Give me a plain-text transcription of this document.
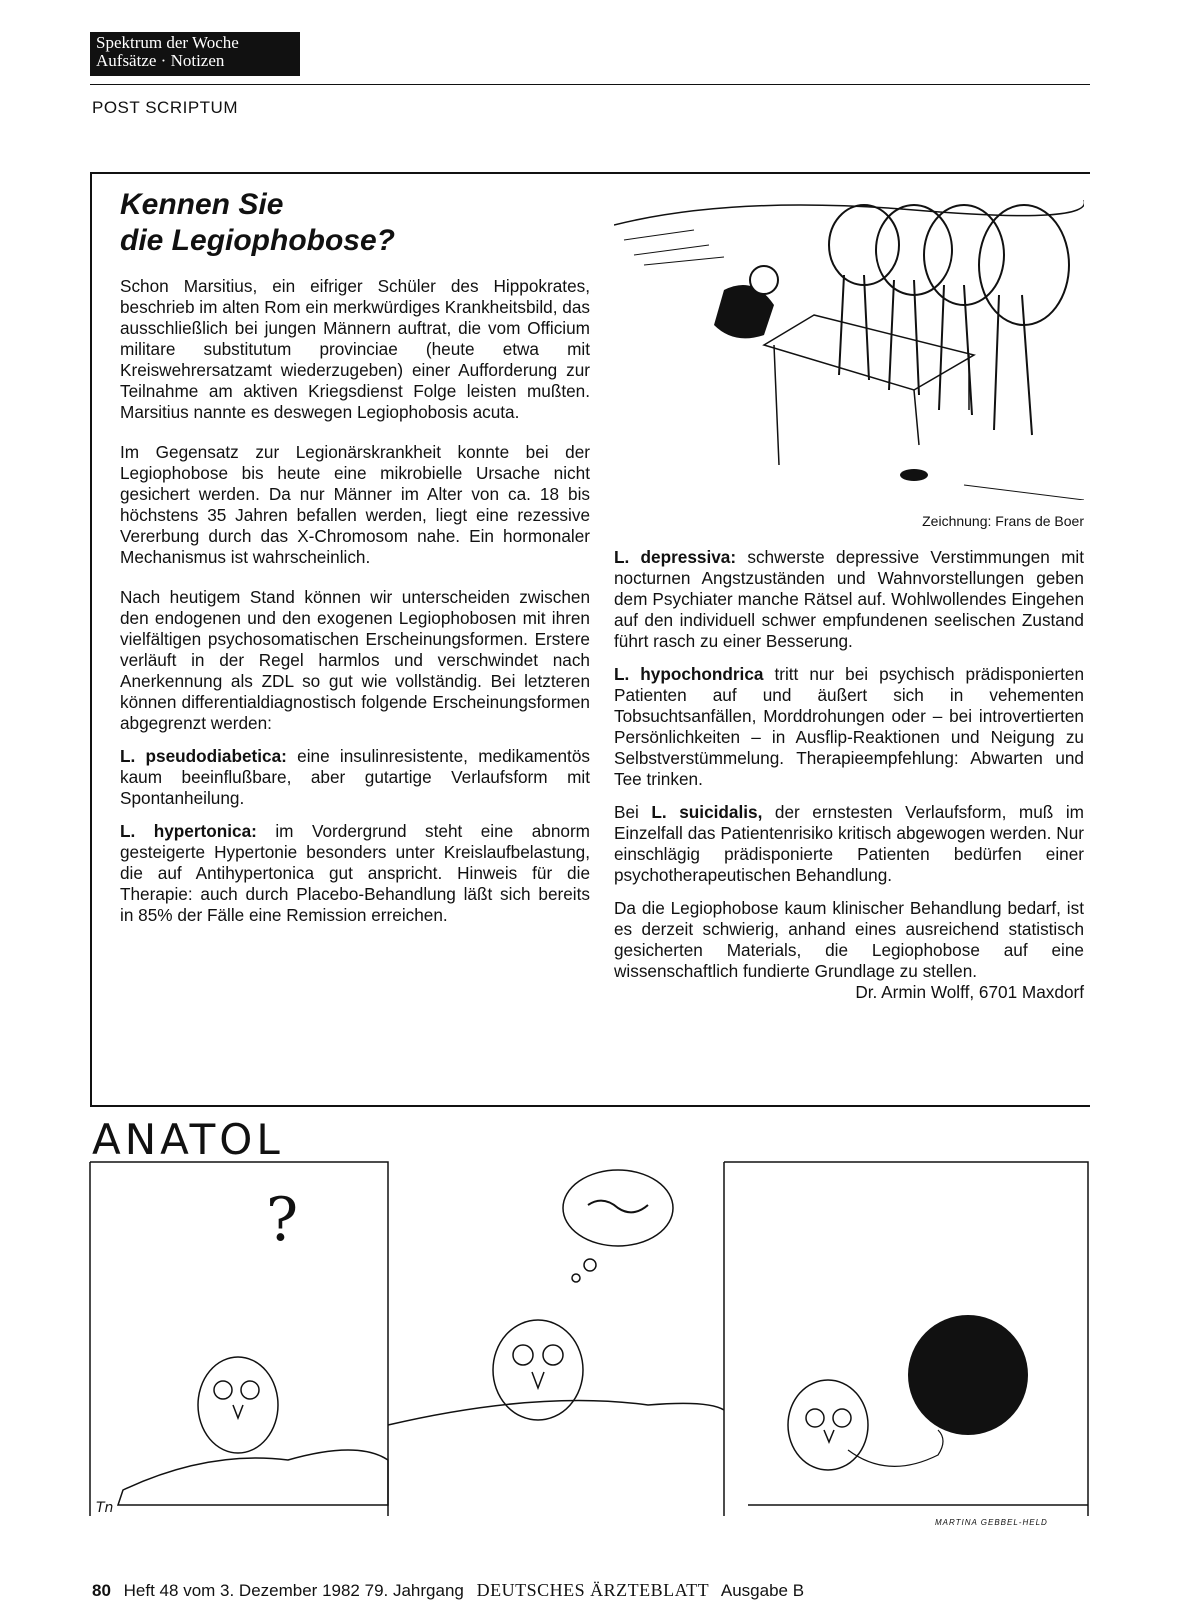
Spektrum der Woche
Aufsätze · Notizen
POST SCRIPTUM
Kennen Sie
die Legiophobose?

Schon Marsitius, ein eifriger Schüler des Hippokrates, beschrieb im alten Rom ein merkwürdiges Krankheitsbild, das ausschließlich bei jungen Männern auftrat, die vom Officium militare substitutum provinciae (heute etwa mit Kreiswehrersatzamt wiederzugeben) einer Aufforderung zur Teilnahme am aktiven Kriegsdienst Folge leisten mußten. Marsitius nannte es deswegen Legiophobosis acuta.

Im Gegensatz zur Legionärskrankheit konnte bei der Legiophobose bis heute eine mikrobielle Ursache nicht gesichert werden. Da nur Männer im Alter von ca. 18 bis höchstens 35 Jahren befallen werden, liegt eine rezessive Vererbung durch das X-Chromosom nahe. Ein hormonaler Mechanismus ist wahrscheinlich.

Nach heutigem Stand können wir unterscheiden zwischen den endogenen und den exogenen Legiophobosen mit ihren vielfältigen psychosomatischen Erscheinungsformen. Erstere verläuft in der Regel harmlos und verschwindet nach Anerkennung als ZDL so gut wie vollständig. Bei letzteren können differentialdiagnostisch folgende Erscheinungsformen abgegrenzt werden:

L. pseudodiabetica: eine insulinresistente, medikamentös kaum beeinflußbare, aber gutartige Verlaufsform mit Spontanheilung.

L. hypertonica: im Vordergrund steht eine abnorm gesteigerte Hypertonie besonders unter Kreislaufbelastung, die auf Antihypertonica gut anspricht. Hinweis für die Therapie: auch durch Placebo-Behandlung läßt sich bereits in 85% der Fälle eine Remission erreichen.

Zeichnung: Frans de Boer

L. depressiva: schwerste depressive Verstimmungen mit nocturnen Angstzuständen und Wahnvorstellungen geben dem Psychiater manche Rätsel auf. Wohlwollendes Eingehen auf den individuell schwer empfundenen seelischen Zustand führt rasch zu einer Besserung.

L. hypochondrica tritt nur bei psychisch prädisponierten Patienten auf und äußert sich in vehementen Tobsuchtsanfällen, Morddrohungen oder – bei introvertierten Persönlichkeiten – in Ausflip-Reaktionen und Neigung zu Selbstverstümmelung. Therapieempfehlung: Abwarten und Tee trinken.

Bei L. suicidalis, der ernstesten Verlaufsform, muß im Einzelfall das Patientenrisiko kritisch abgewogen werden. Nur einschlägig prädisponierte Patienten bedürfen einer psychotherapeutischen Behandlung.

Da die Legiophobose kaum klinischer Behandlung bedarf, ist es derzeit schwierig, anhand eines ausreichend statistisch gesicherten Materials, die Legiophobose auf eine wissenschaftlich fundierte Grundlage zu stellen.

Dr. Armin Wolff, 6701 Maxdorf

ANATOL
?
Tn
MARTINA GEBBEL-HELD
80 Heft 48 vom 3. Dezember 1982 79. Jahrgang DEUTSCHES ÄRZTEBLATT Ausgabe B
